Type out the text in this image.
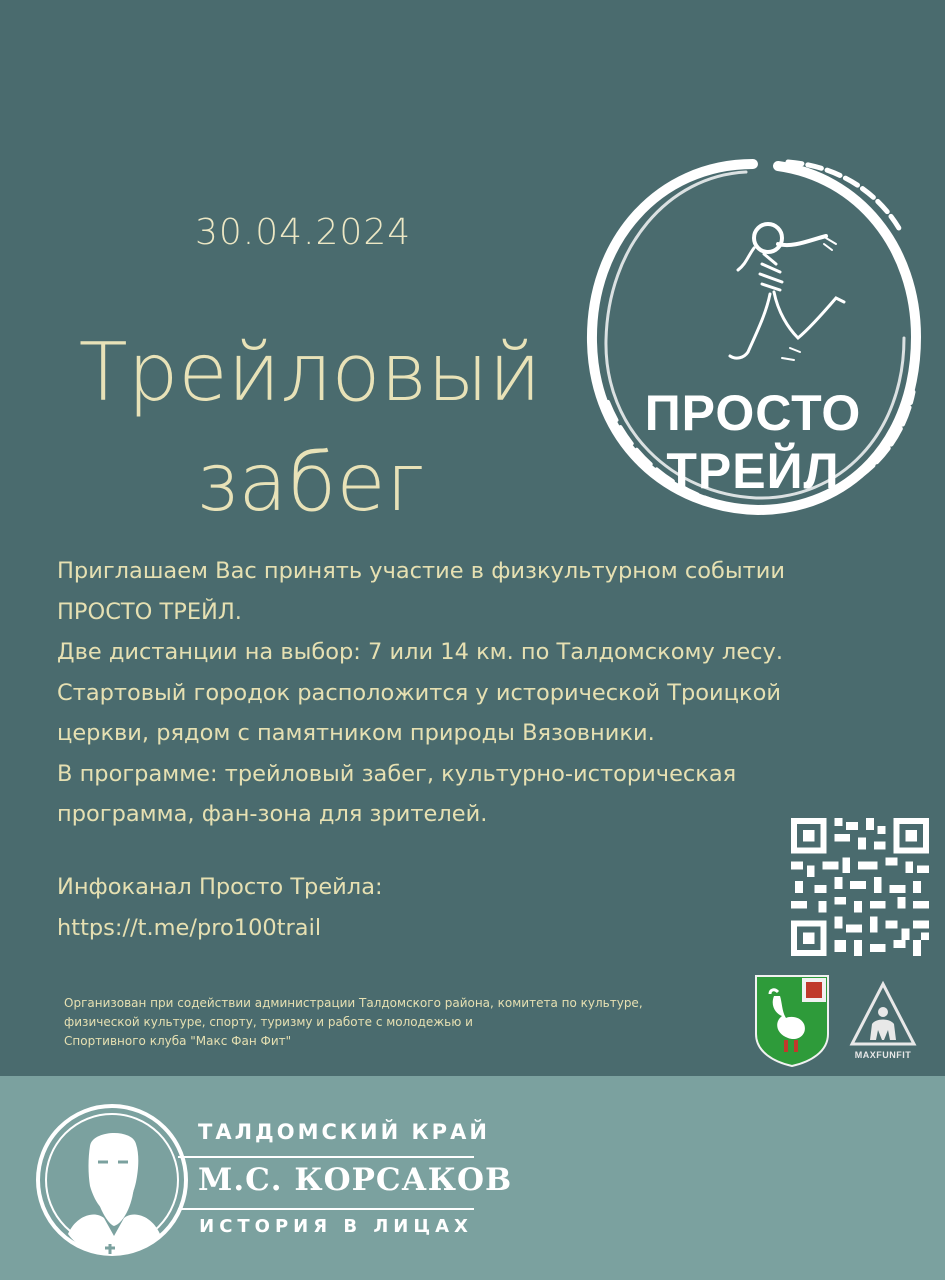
30.04.2024
Трейловый
забег
ПРОСТО
ТРЕЙЛ
Приглашаем Вас принять участие в физкультурном событии
ПРОСТО ТРЕЙЛ.
Две дистанции на выбор: 7 или 14 км. по Талдомскому лесу.
Стартовый городок расположится у исторической Троицкой
церкви, рядом с памятником природы Вязовники.
В программе: трейловый забег, культурно-историческая
программа, фан-зона для зрителей.
Инфоканал Просто Трейла:
https://t.me/pro100trail
Организован при содействии администрации Талдомского района, комитета по культуре,
физической культуре, спорту, туризму и работе с молодежью и
Спортивного клуба "Макс Фан Фит"
MAXFUNFIT
ТАЛДОМСКИЙ КРАЙ
М.С. КОРСАКОВ
ИСТОРИЯ В ЛИЦАХ
